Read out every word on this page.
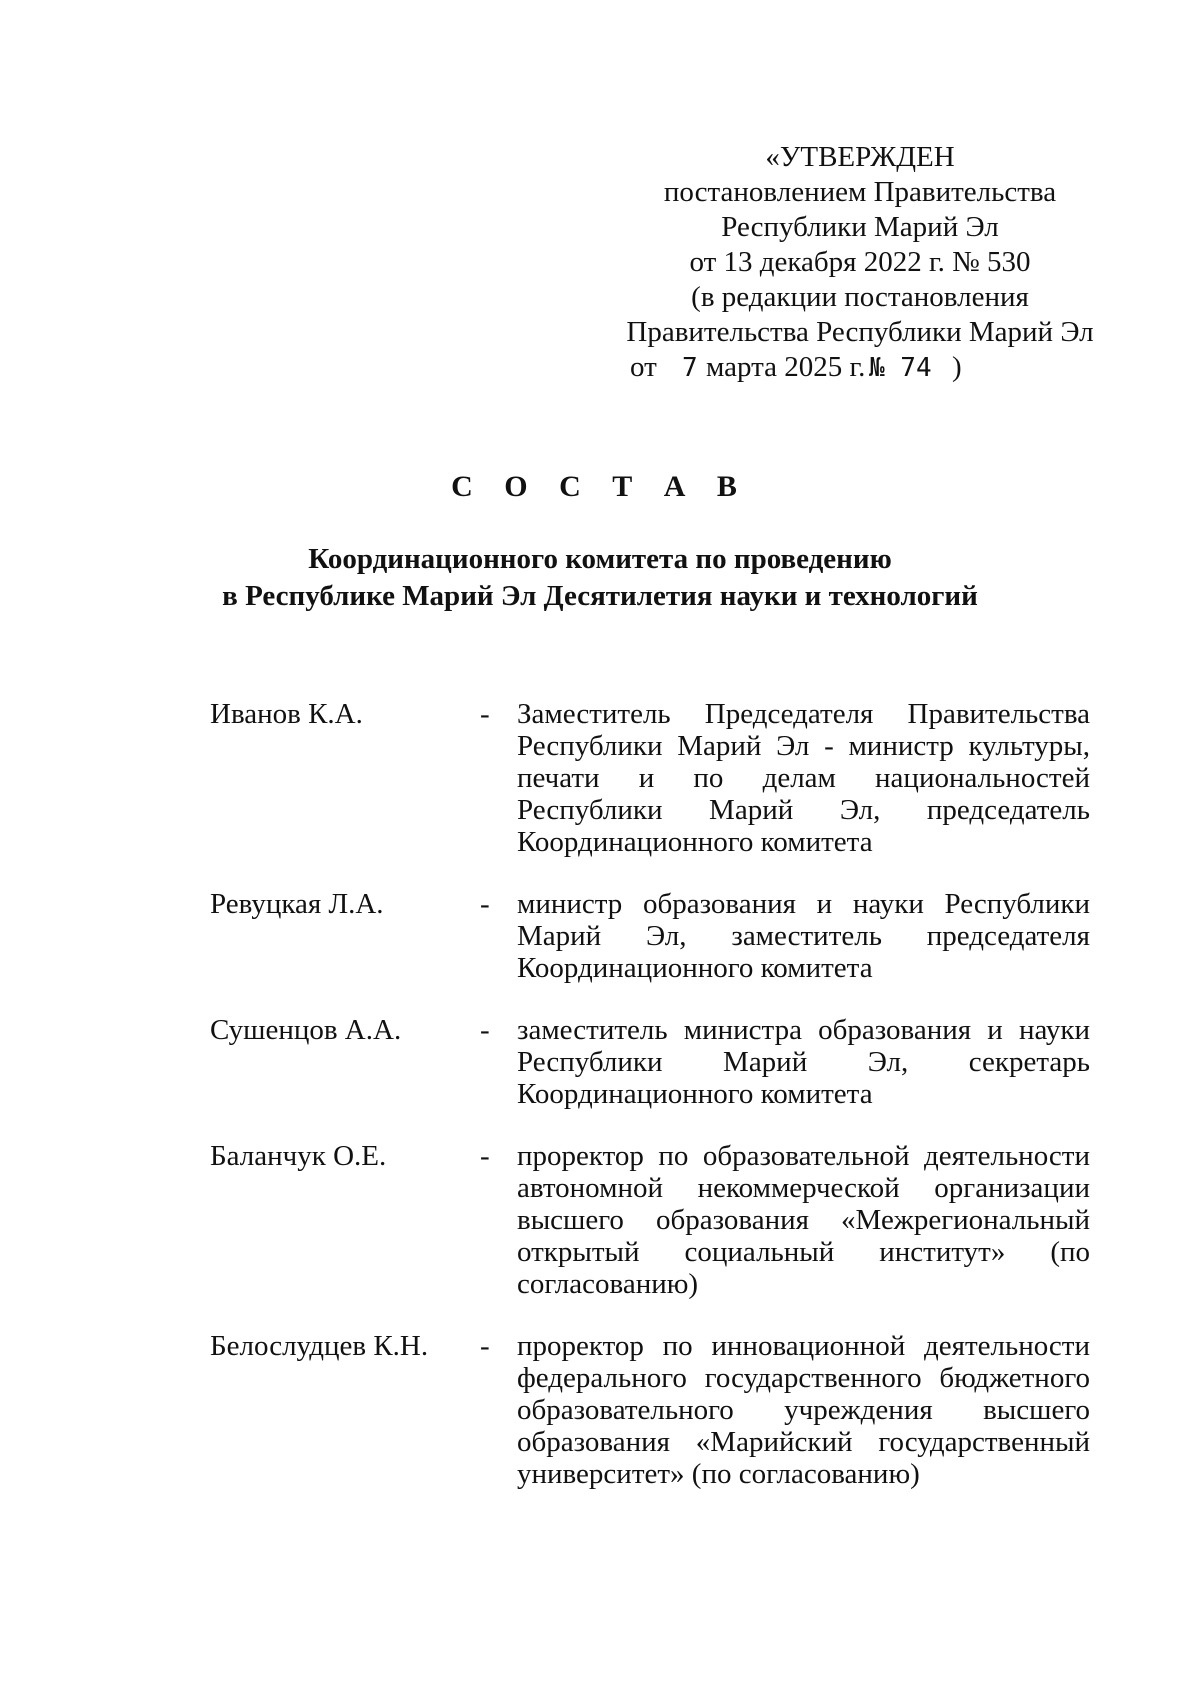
«УТВЕРЖДЕН
постановлением Правительства
Республики Марий Эл
от 13 декабря 2022 г. № 530
(в редакции постановления
Правительства Республики Марий Эл
от 7 марта 2025 г. № 74 )
С О С Т А В
Координационного комитета по проведению
в Республике Марий Эл Десятилетия науки и технологий
Иванов К.А.	- Заместитель Председателя Правительства Республики Марий Эл - министр культуры, печати и по делам национальностей Республики Марий Эл, председатель Координационного комитета
Ревуцкая Л.А.	- министр образования и науки Республики Марий Эл, заместитель председателя Координационного комитета
Сушенцов А.А.	- заместитель министра образования и науки Республики Марий Эл, секретарь Координационного комитета
Баланчук О.Е.	- проректор по образовательной деятельности автономной некоммерческой организации высшего образования «Межрегиональный открытый социальный институт» (по согласованию)
Белослудцев К.Н.	- проректор по инновационной деятельности федерального государственного бюджетного образовательного учреждения высшего образования «Марийский государственный университет» (по согласованию)
